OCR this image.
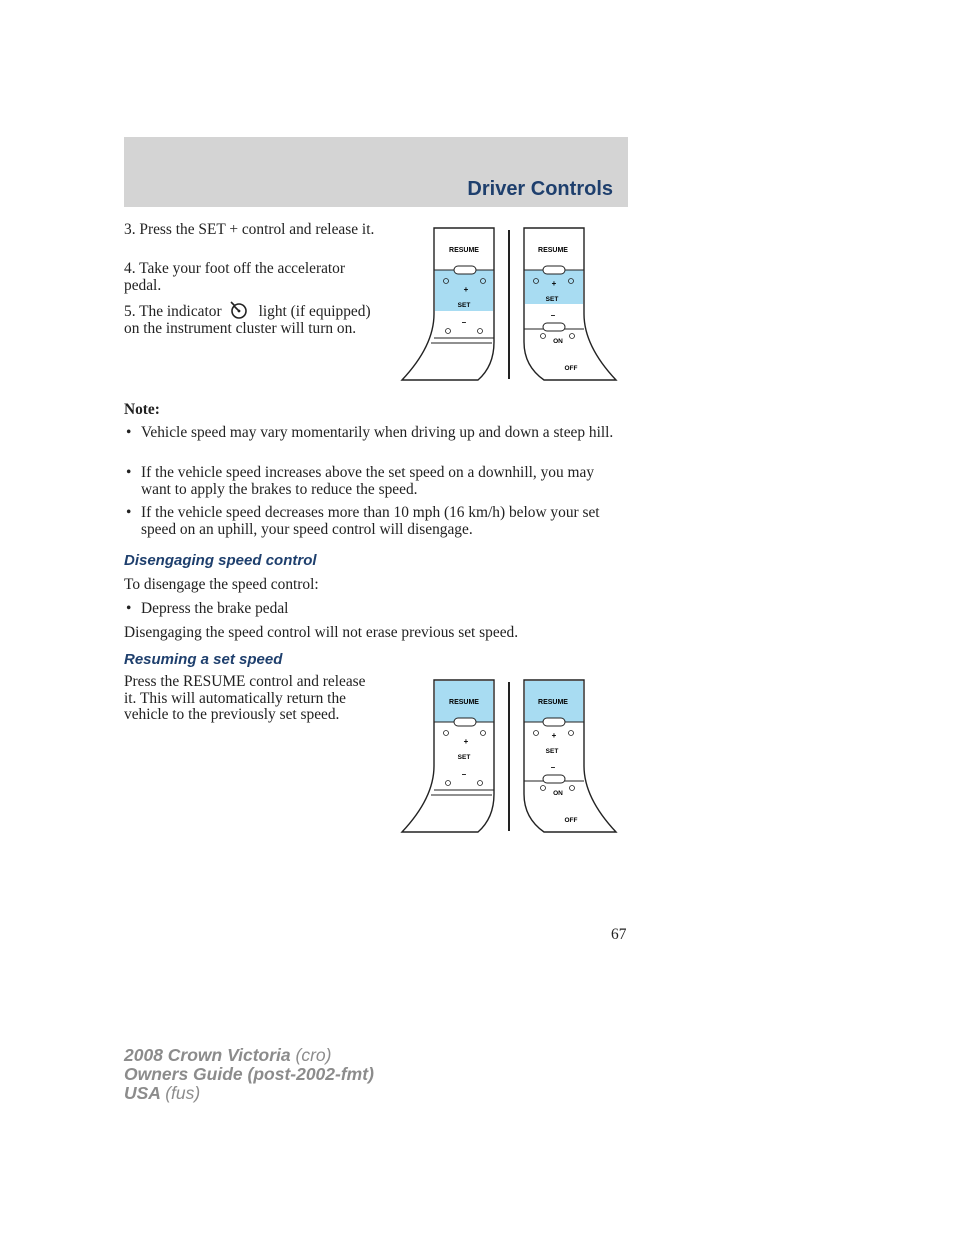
Driver Controls

3. Press the SET + control and release it.

4. Take your foot off the accelerator pedal.

5. The indicator light (if equipped) on the instrument cluster will turn on.

RESUME
+
SET
–
RESUME
+
SET
–
ON
OFF
Note:
• Vehicle speed may vary momentarily when driving up and down a steep hill.
• If the vehicle speed increases above the set speed on a downhill, you may want to apply the brakes to reduce the speed.
• If the vehicle speed decreases more than 10 mph (16 km/h) below your set speed on an uphill, your speed control will disengage.
Disengaging speed control

To disengage the speed control:

• Depress the brake pedal

Disengaging the speed control will not erase previous set speed.

Resuming a set speed

Press the RESUME control and release it. This will automatically return the vehicle to the previously set speed.

RESUME
+
SET
–
RESUME
+
SET
–
ON
OFF
67
2008 Crown Victoria (cro)
Owners Guide (post-2002-fmt)
USA (fus)
